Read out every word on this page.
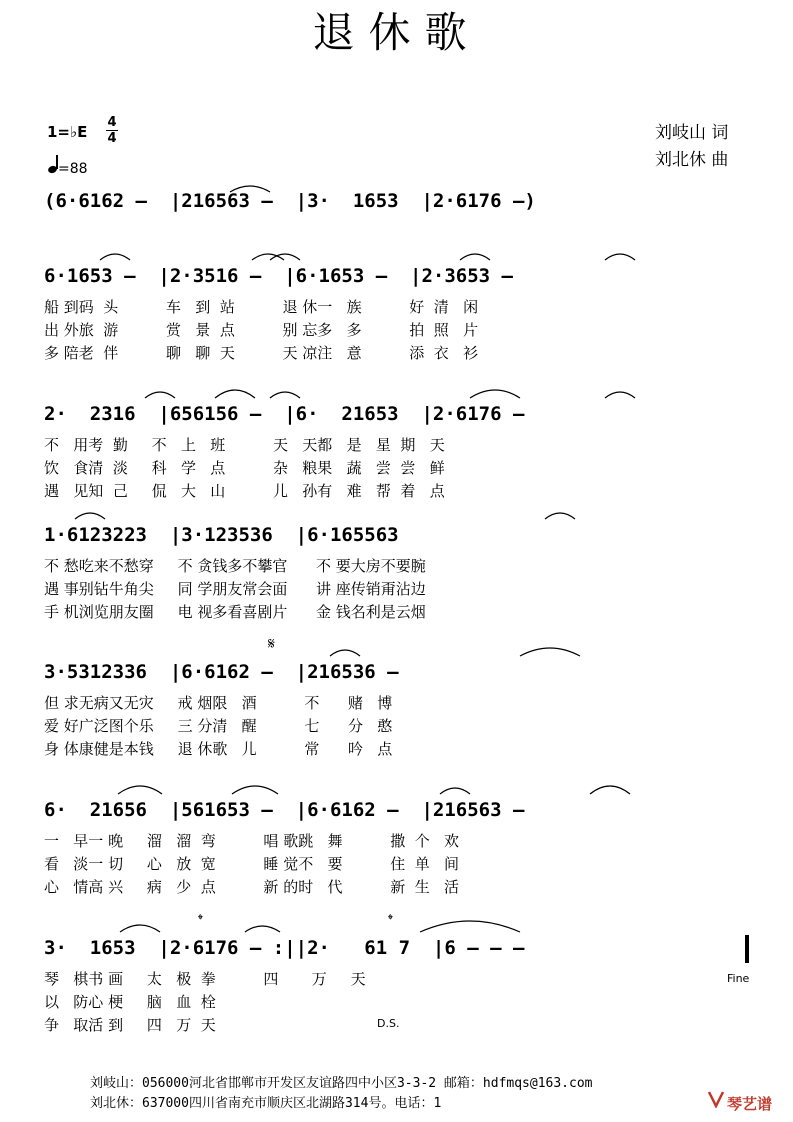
退休歌
刘岐山 词
刘北休 曲
1=♭E
4
4
=88
(6·6162 –  |216563 –  |3·  1653  |2·6176 –)
6·1653 –  |2·3516 –  |6·1653 –  |2·3653 –
船 到码  头          车   到  站          退 休一   族          好  清   闲
出 外旅  游          赏   景  点          别 忘多   多          拍  照   片
多 陪老  伴          聊   聊  天          天 凉注   意          添  衣   衫
2·  2316  |656156 –  |6·  21653  |2·6176 –
不   用考  勤     不   上   班          天   天都   是   星  期   天
饮   食清  淡     科   学   点          杂   粮果   蔬   尝  尝   鲜
遇   见知  己     侃   大   山          儿   孙有   难   帮  着   点
1·6123223  |3·123536  |6·165563
不 愁吃来不愁穿     不 贪钱多不攀官      不 要大房不要腕
遇 事别钻牛角尖     同 学朋友常会面      讲 座传销甭沾边
手 机浏览朋友圈     电 视多看喜剧片      金 钱名利是云烟
3·5312336  |6·6162 –  |216536 –
但 求无病又无灾     戒 烟限   酒          不      赌   博
爱 好广泛图个乐     三 分清   醒          七      分   憨
身 体康健是本钱     退 休歌   儿          常      吟   点
6·  21656  |561653 –  |6·6162 –  |216563 –
一   早一 晚     溜   溜  弯          唱 歌跳   舞          撒  个   欢
看   淡一 切     心   放  宽          睡 觉不   要          住  单   间
心   情高 兴     病   少  点          新 的时   代          新  生   活
3·  1653  |2·6176 – :||2·   61 7  |6 – – –
琴   棋书 画     太   极  拳          四       万     天
以   防心 梗     脑   血  栓
争   取活 到     四   万  天
Fine
D.S.
𝄋
𝄌	𝄌
刘岐山：056000河北省邯郸市开发区友谊路四中小区3-3-2 邮箱：hdfmqs@163.com
刘北休：637000四川省南充市顺庆区北湖路314号。电话：1	琴艺谱
